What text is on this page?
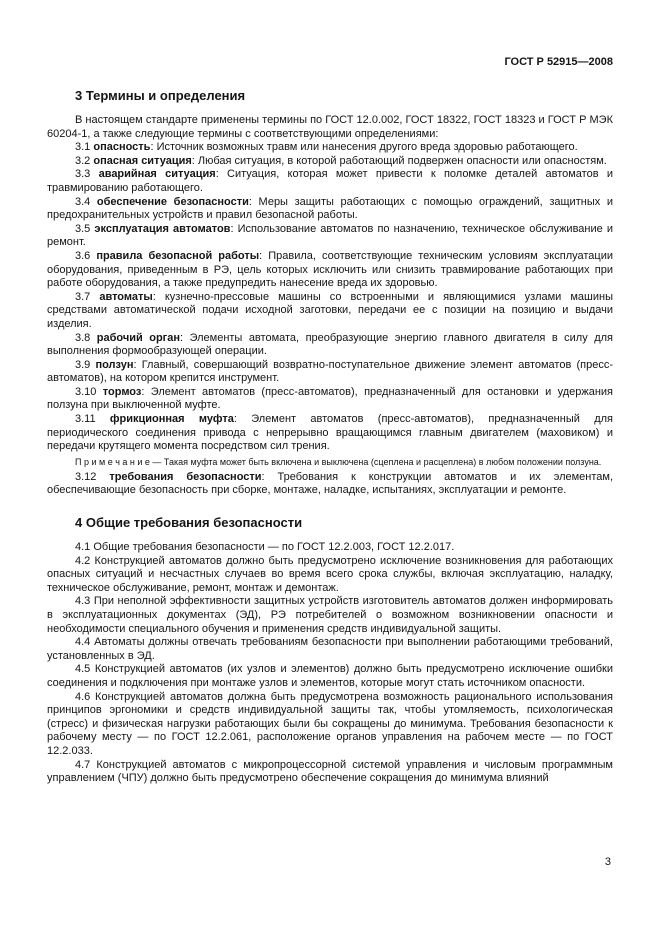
ГОСТ Р 52915—2008
3 Термины и определения

В настоящем стандарте применены термины по ГОСТ 12.0.002, ГОСТ 18322, ГОСТ 18323 и ГОСТ Р МЭК 60204-1, а также следующие термины с соответствующими определениями:

3.1 опасность: Источник возможных травм или нанесения другого вреда здоровью работающего.

3.2 опасная ситуация: Любая ситуация, в которой работающий подвержен опасности или опасностям.

3.3 аварийная ситуация: Ситуация, которая может привести к поломке деталей автоматов и травмированию работающего.

3.4 обеспечение безопасности: Меры защиты работающих с помощью ограждений, защитных и предохранительных устройств и правил безопасной работы.

3.5 эксплуатация автоматов: Использование автоматов по назначению, техническое обслуживание и ремонт.

3.6 правила безопасной работы: Правила, соответствующие техническим условиям эксплуатации оборудования, приведенным в РЭ, цель которых исключить или снизить травмирование работающих при работе оборудования, а также предупредить нанесение вреда их здоровью.

3.7 автоматы: кузнечно-прессовые машины со встроенными и являющимися узлами машины средствами автоматической подачи исходной заготовки, передачи ее с позиции на позицию и выдачи изделия.

3.8 рабочий орган: Элементы автомата, преобразующие энергию главного двигателя в силу для выполнения формообразующей операции.

3.9 ползун: Главный, совершающий возвратно-поступательное движение элемент автоматов (пресс-автоматов), на котором крепится инструмент.

3.10 тормоз: Элемент автоматов (пресс-автоматов), предназначенный для остановки и удержания ползуна при выключенной муфте.

3.11 фрикционная муфта: Элемент автоматов (пресс-автоматов), предназначенный для периодического соединения привода с непрерывно вращающимся главным двигателем (маховиком) и передачи крутящего момента посредством сил трения.

П р и м е ч а н и е — Такая муфта может быть включена и выключена (сцеплена и расцеплена) в любом положении ползуна.

3.12 требования безопасности: Требования к конструкции автоматов и их элементам, обеспечивающие безопасность при сборке, монтаже, наладке, испытаниях, эксплуатации и ремонте.

4 Общие требования безопасности

4.1 Общие требования безопасности — по ГОСТ 12.2.003, ГОСТ 12.2.017.

4.2 Конструкцией автоматов должно быть предусмотрено исключение возникновения для работающих опасных ситуаций и несчастных случаев во время всего срока службы, включая эксплуатацию, наладку, техническое обслуживание, ремонт, монтаж и демонтаж.

4.3 При неполной эффективности защитных устройств изготовитель автоматов должен информировать в эксплуатационных документах (ЭД), РЭ потребителей о возможном возникновении опасности и необходимости специального обучения и применения средств индивидуальной защиты.

4.4 Автоматы должны отвечать требованиям безопасности при выполнении работающими требований, установленных в ЭД.

4.5 Конструкцией автоматов (их узлов и элементов) должно быть предусмотрено исключение ошибки соединения и подключения при монтаже узлов и элементов, которые могут стать источником опасности.

4.6 Конструкцией автоматов должна быть предусмотрена возможность рационального использования принципов эргономики и средств индивидуальной защиты так, чтобы утомляемость, психологическая (стресс) и физическая нагрузки работающих были бы сокращены до минимума. Требования безопасности к рабочему месту — по ГОСТ 12.2.061, расположение органов управления на рабочем месте — по ГОСТ 12.2.033.

4.7 Конструкцией автоматов с микропроцессорной системой управления и числовым программным управлением (ЧПУ) должно быть предусмотрено обеспечение сокращения до минимума влияний

3
